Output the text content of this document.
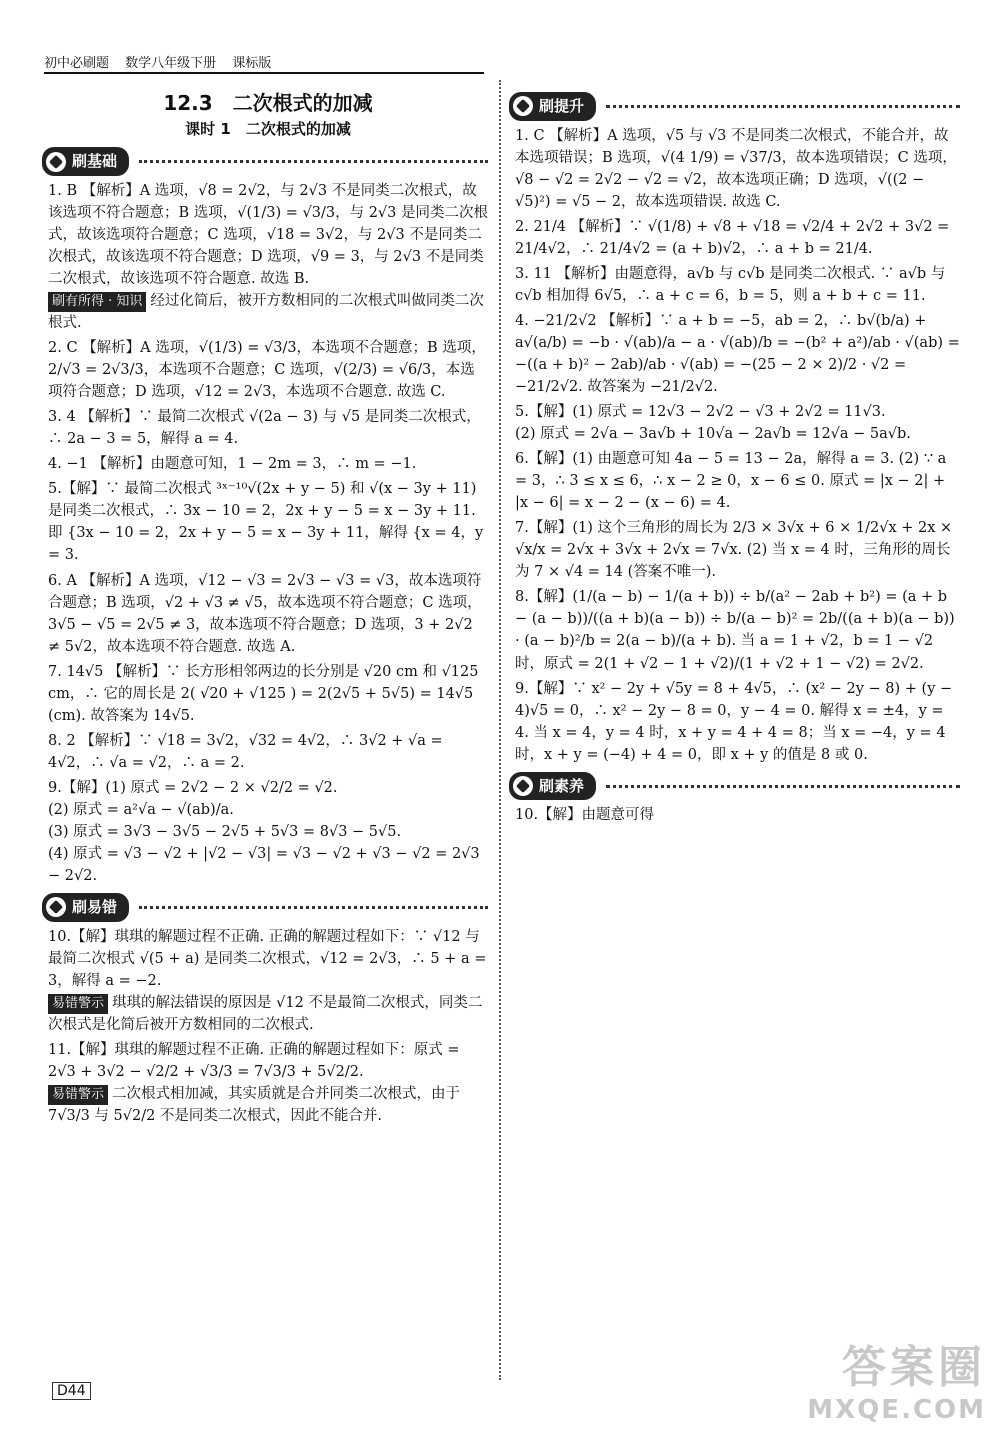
初中必刷题 数学八年级下册 课标版
12.3　二次根式的加减
课时 1　二次根式的加减
刷基础

1. B 【解析】A 选项，√8 = 2√2，与 2√3 不是同类二次根式，故该选项不符合题意；B 选项，√(1/3) = √3/3，与 2√3 是同类二次根式，故该选项符合题意；C 选项，√18 = 3√2，与 2√3 不是同类二次根式，故该选项不符合题意；D 选项，√9 = 3，与 2√3 不是同类二次根式，故该选项不符合题意. 故选 B.

刷有所得 · 知识 经过化简后，被开方数相同的二次根式叫做同类二次根式.

2. C 【解析】A 选项，√(1/3) = √3/3，本选项不合题意；B 选项，2/√3 = 2√3/3，本选项不合题意；C 选项，√(2/3) = √6/3，本选项符合题意；D 选项，√12 = 2√3，本选项不合题意. 故选 C.

3. 4 【解析】∵ 最简二次根式 √(2a − 3) 与 √5 是同类二次根式，∴ 2a − 3 = 5，解得 a = 4.

4. −1 【解析】由题意可知，1 − 2m = 3，∴ m = −1.

5.【解】∵ 最简二次根式 ³ˣ⁻¹⁰√(2x + y − 5) 和 √(x − 3y + 11) 是同类二次根式，∴ 3x − 10 = 2，2x + y − 5 = x − 3y + 11. 即 {3x − 10 = 2，2x + y − 5 = x − 3y + 11，解得 {x = 4，y = 3.

6. A 【解析】A 选项，√12 − √3 = 2√3 − √3 = √3，故本选项符合题意；B 选项，√2 + √3 ≠ √5，故本选项不符合题意；C 选项，3√5 − √5 = 2√5 ≠ 3，故本选项不符合题意；D 选项，3 + 2√2 ≠ 5√2，故本选项不符合题意. 故选 A.

7. 14√5 【解析】∵ 长方形相邻两边的长分别是 √20 cm 和 √125 cm，∴ 它的周长是 2( √20 + √125 ) = 2(2√5 + 5√5) = 14√5 (cm). 故答案为 14√5.

8. 2 【解析】∵ √18 = 3√2，√32 = 4√2，∴ 3√2 + √a = 4√2，∴ √a = √2，∴ a = 2.

9.【解】(1) 原式 = 2√2 − 2 × √2/2 = √2.

(2) 原式 = a²√a − √(ab)/a.

(3) 原式 = 3√3 − 3√5 − 2√5 + 5√3 = 8√3 − 5√5.

(4) 原式 = √3 − √2 + |√2 − √3| = √3 − √2 + √3 − √2 = 2√3 − 2√2.

刷易错

10.【解】琪琪的解题过程不正确. 正确的解题过程如下：∵ √12 与最简二次根式 √(5 + a) 是同类二次根式，√12 = 2√3，∴ 5 + a = 3，解得 a = −2.

易错警示 琪琪的解法错误的原因是 √12 不是最简二次根式，同类二次根式是化简后被开方数相同的二次根式.

11.【解】琪琪的解题过程不正确. 正确的解题过程如下：原式 = 2√3 + 3√2 − √2/2 + √3/3 = 7√3/3 + 5√2/2.

易错警示 二次根式相加减，其实质就是合并同类二次根式，由于 7√3/3 与 5√2/2 不是同类二次根式，因此不能合并.

刷提升

1. C 【解析】A 选项，√5 与 √3 不是同类二次根式，不能合并，故本选项错误；B 选项，√(4 1/9) = √37/3，故本选项错误；C 选项，√8 − √2 = 2√2 − √2 = √2，故本选项正确；D 选项，√((2 − √5)²) = √5 − 2，故本选项错误. 故选 C.

2. 21/4 【解析】∵ √(1/8) + √8 + √18 = √2/4 + 2√2 + 3√2 = 21/4√2，∴ 21/4√2 = (a + b)√2，∴ a + b = 21/4.

3. 11 【解析】由题意得，a√b 与 c√b 是同类二次根式. ∵ a√b 与 c√b 相加得 6√5，∴ a + c = 6，b = 5，则 a + b + c = 11.

4. −21/2√2 【解析】∵ a + b = −5，ab = 2，∴ b√(b/a) + a√(a/b) = −b · √(ab)/a − a · √(ab)/b = −(b² + a²)/ab · √(ab) = −((a + b)² − 2ab)/ab · √(ab) = −(25 − 2 × 2)/2 · √2 = −21/2√2. 故答案为 −21/2√2.

5.【解】(1) 原式 = 12√3 − 2√2 − √3 + 2√2 = 11√3.

(2) 原式 = 2√a − 3a√b + 10√a − 2a√b = 12√a − 5a√b.

6.【解】(1) 由题意可知 4a − 5 = 13 − 2a，解得 a = 3. (2) ∵ a = 3，∴ 3 ≤ x ≤ 6，∴ x − 2 ≥ 0，x − 6 ≤ 0. 原式 = |x − 2| + |x − 6| = x − 2 − (x − 6) = 4.

7.【解】(1) 这个三角形的周长为 2/3 × 3√x + 6 × 1/2√x + 2x × √x/x = 2√x + 3√x + 2√x = 7√x. (2) 当 x = 4 时，三角形的周长为 7 × √4 = 14 (答案不唯一).

8.【解】(1/(a − b) − 1/(a + b)) ÷ b/(a² − 2ab + b²) = (a + b − (a − b))/((a + b)(a − b)) ÷ b/(a − b)² = 2b/((a + b)(a − b)) · (a − b)²/b = 2(a − b)/(a + b). 当 a = 1 + √2，b = 1 − √2 时，原式 = 2(1 + √2 − 1 + √2)/(1 + √2 + 1 − √2) = 2√2.

9.【解】∵ x² − 2y + √5y = 8 + 4√5，∴ (x² − 2y − 8) + (y − 4)√5 = 0，∴ x² − 2y − 8 = 0，y − 4 = 0. 解得 x = ±4，y = 4. 当 x = 4，y = 4 时，x + y = 4 + 4 = 8；当 x = −4，y = 4 时，x + y = (−4) + 4 = 0，即 x + y 的值是 8 或 0.

刷素养

10.【解】由题意可得

D44	答案圈
MXQE.COM
